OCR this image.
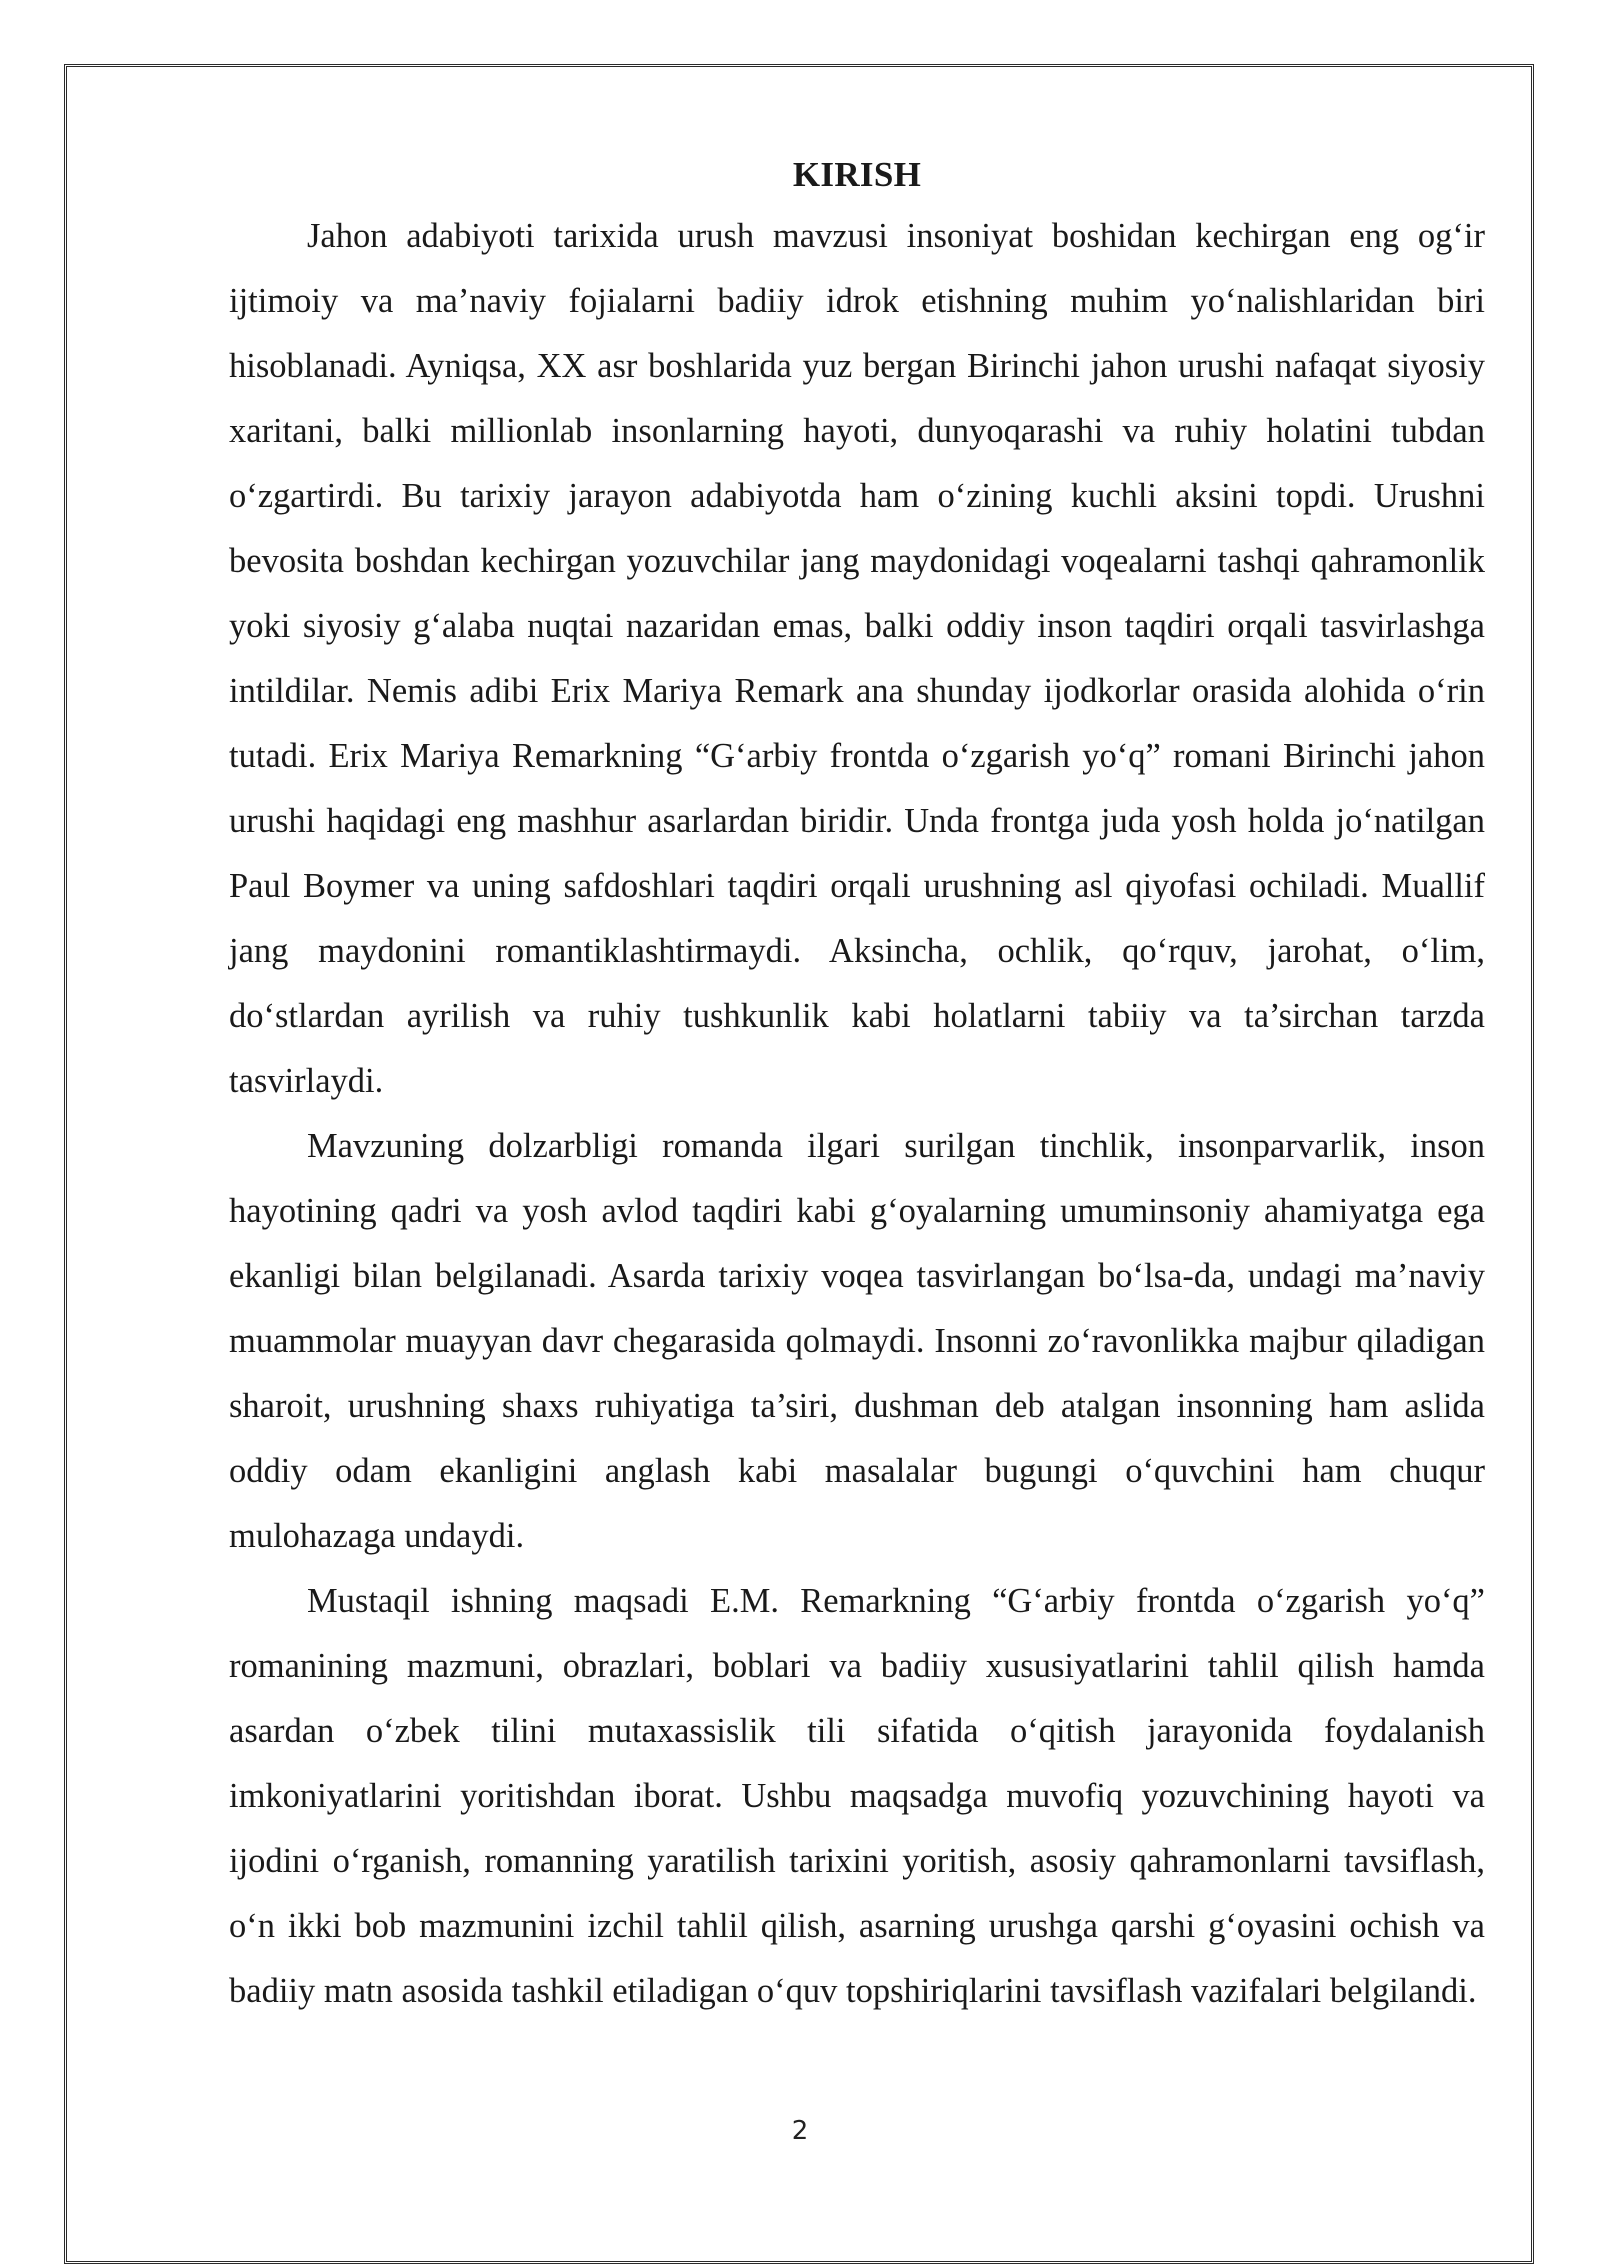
KIRISH

Jahon adabiyoti tarixida urush mavzusi insoniyat boshidan kechirgan eng og‘ir ijtimoiy va ma’naviy fojialarni badiiy idrok etishning muhim yo‘nalishlaridan biri hisoblanadi. Ayniqsa, XX asr boshlarida yuz bergan Birinchi jahon urushi nafaqat siyosiy xaritani, balki millionlab insonlarning hayoti, dunyoqarashi va ruhiy holatini tubdan o‘zgartirdi. Bu tarixiy jarayon adabiyotda ham o‘zining kuchli aksini topdi. Urushni bevosita boshdan kechirgan yozuvchilar jang maydonidagi voqealarni tashqi qahramonlik yoki siyosiy g‘alaba nuqtai nazaridan emas, balki oddiy inson taqdiri orqali tasvirlashga intildilar. Nemis adibi Erix Mariya Remark ana shunday ijodkorlar orasida alohida o‘rin tutadi. Erix Mariya Remarkning “G‘arbiy frontda o‘zgarish yo‘q” romani Birinchi jahon urushi haqidagi eng mashhur asarlardan biridir. Unda frontga juda yosh holda jo‘natilgan Paul Boymer va uning safdoshlari taqdiri orqali urushning asl qiyofasi ochiladi. Muallif jang maydonini romantiklashtirmaydi. Aksincha, ochlik, qo‘rquv, jarohat, o‘lim, do‘stlardan ayrilish va ruhiy tushkunlik kabi holatlarni tabiiy va ta’sirchan tarzda tasvirlaydi.

Mavzuning dolzarbligi romanda ilgari surilgan tinchlik, insonparvarlik, inson hayotining qadri va yosh avlod taqdiri kabi g‘oyalarning umuminsoniy ahamiyatga ega ekanligi bilan belgilanadi. Asarda tarixiy voqea tasvirlangan bo‘lsa-da, undagi ma’naviy muammolar muayyan davr chegarasida qolmaydi. Insonni zo‘ravonlikka majbur qiladigan sharoit, urushning shaxs ruhiyatiga ta’siri, dushman deb atalgan insonning ham aslida oddiy odam ekanligini anglash kabi masalalar bugungi o‘quvchini ham chuqur mulohazaga undaydi.

Mustaqil ishning maqsadi E.M. Remarkning “G‘arbiy frontda o‘zgarish yo‘q” romanining mazmuni, obrazlari, boblari va badiiy xususiyatlarini tahlil qilish hamda asardan o‘zbek tilini mutaxassislik tili sifatida o‘qitish jarayonida foydalanish imkoniyatlarini yoritishdan iborat. Ushbu maqsadga muvofiq yozuvchining hayoti va ijodini o‘rganish, romanning yaratilish tarixini yoritish, asosiy qahramonlarni tavsiflash, o‘n ikki bob mazmunini izchil tahlil qilish, asarning urushga qarshi g‘oyasini ochish va badiiy matn asosida tashkil etiladigan o‘quv topshiriqlarini tavsiflash vazifalari belgilandi.

2
